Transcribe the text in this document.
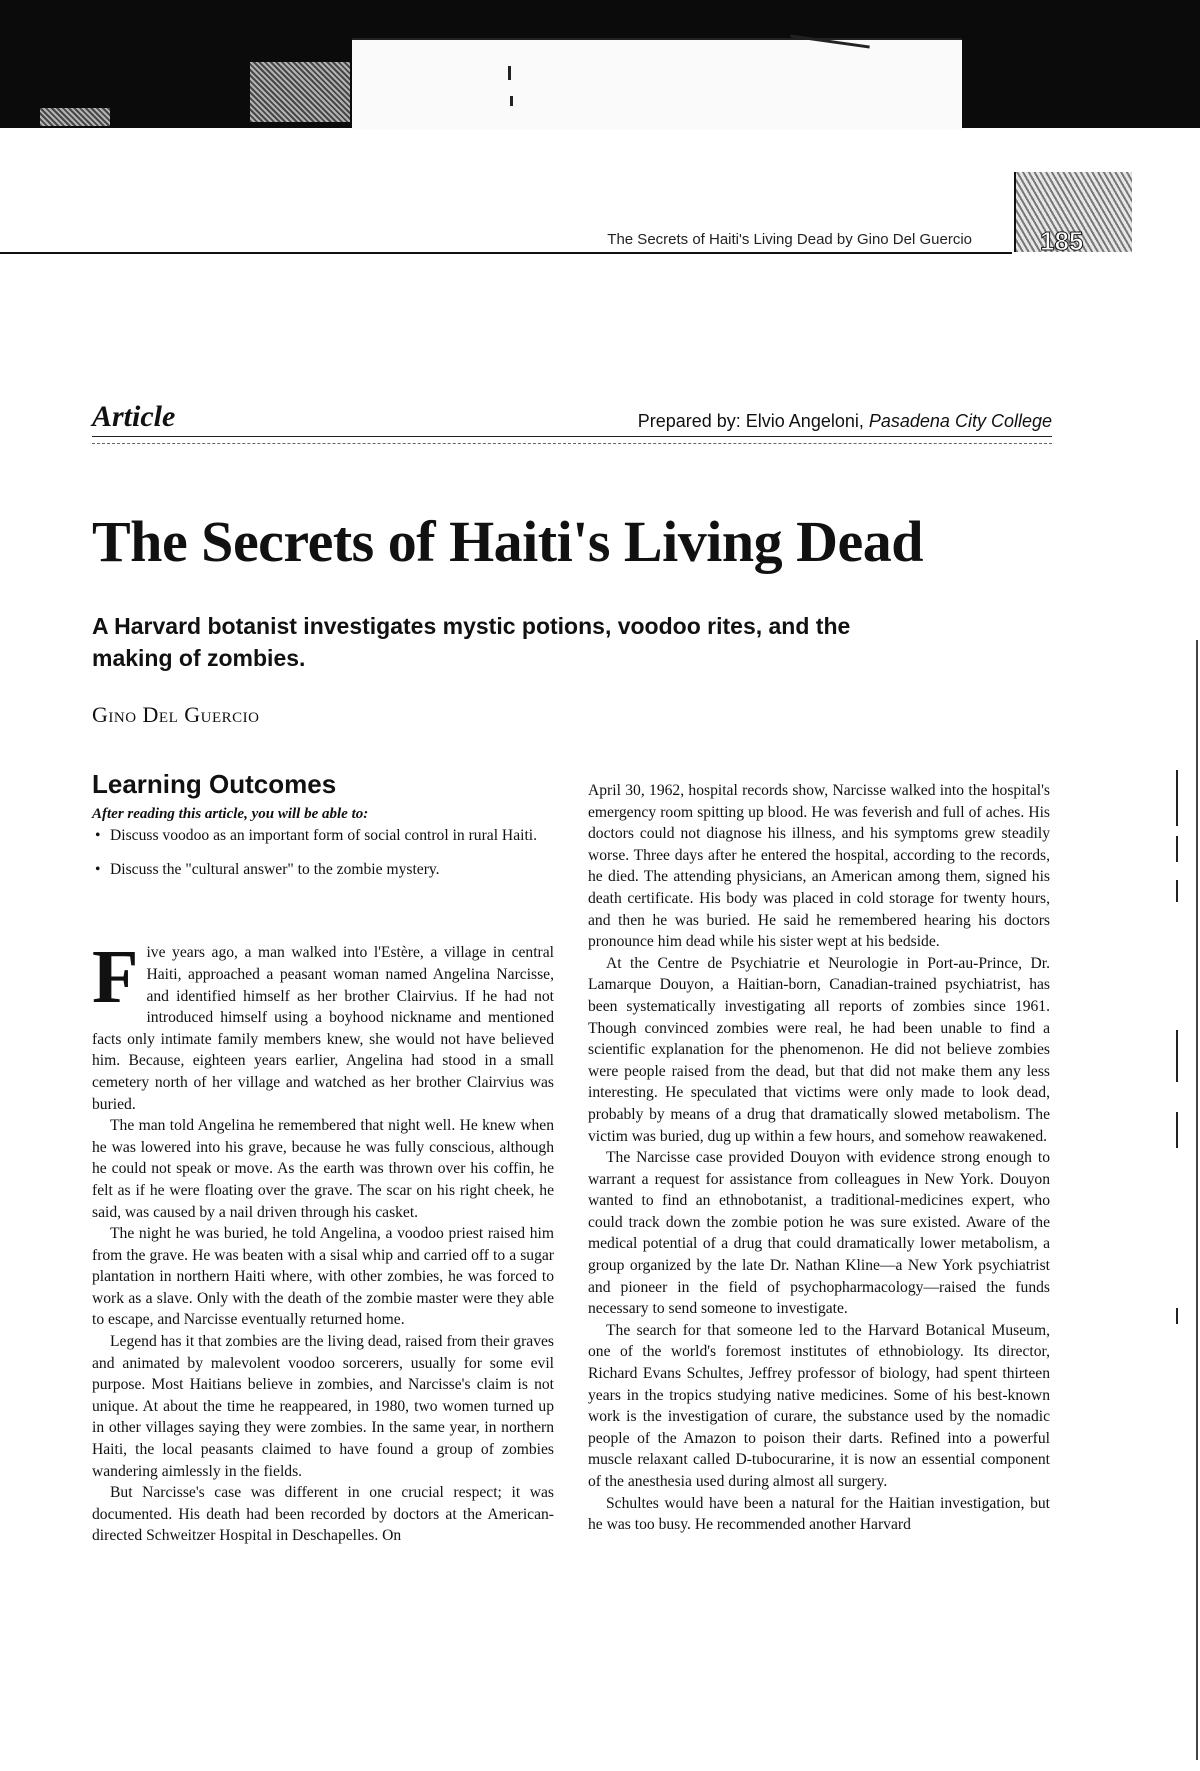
The Secrets of Haiti's Living Dead by Gino Del Guercio	185
Article	Prepared by: Elvio Angeloni, Pasadena City College
The Secrets of Haiti's Living Dead

A Harvard botanist investigates mystic potions, voodoo rites, and the making of zombies.

Gino Del Guercio

Learning Outcomes

After reading this article, you will be able to:

• Discuss voodoo as an important form of social control in rural Haiti.
• Discuss the "cultural answer" to the zombie mystery.

Five years ago, a man walked into l'Estère, a village in central Haiti, approached a peasant woman named Angelina Narcisse, and identified himself as her brother Clairvius. If he had not introduced himself using a boyhood nickname and mentioned facts only intimate family members knew, she would not have believed him. Because, eighteen years earlier, Angelina had stood in a small cemetery north of her village and watched as her brother Clairvius was buried.

The man told Angelina he remembered that night well. He knew when he was lowered into his grave, because he was fully conscious, although he could not speak or move. As the earth was thrown over his coffin, he felt as if he were floating over the grave. The scar on his right cheek, he said, was caused by a nail driven through his casket.

The night he was buried, he told Angelina, a voodoo priest raised him from the grave. He was beaten with a sisal whip and carried off to a sugar plantation in northern Haiti where, with other zombies, he was forced to work as a slave. Only with the death of the zombie master were they able to escape, and Narcisse eventually returned home.

Legend has it that zombies are the living dead, raised from their graves and animated by malevolent voodoo sorcerers, usually for some evil purpose. Most Haitians believe in zombies, and Narcisse's claim is not unique. At about the time he reappeared, in 1980, two women turned up in other villages saying they were zombies. In the same year, in northern Haiti, the local peasants claimed to have found a group of zombies wandering aimlessly in the fields.

But Narcisse's case was different in one crucial respect; it was documented. His death had been recorded by doctors at the American-directed Schweitzer Hospital in Deschapelles. On

April 30, 1962, hospital records show, Narcisse walked into the hospital's emergency room spitting up blood. He was feverish and full of aches. His doctors could not diagnose his illness, and his symptoms grew steadily worse. Three days after he entered the hospital, according to the records, he died. The attending physicians, an American among them, signed his death certificate. His body was placed in cold storage for twenty hours, and then he was buried. He said he remembered hearing his doctors pronounce him dead while his sister wept at his bedside.

At the Centre de Psychiatrie et Neurologie in Port-au-Prince, Dr. Lamarque Douyon, a Haitian-born, Canadian-trained psychiatrist, has been systematically investigating all reports of zombies since 1961. Though convinced zombies were real, he had been unable to find a scientific explanation for the phenomenon. He did not believe zombies were people raised from the dead, but that did not make them any less interesting. He speculated that victims were only made to look dead, probably by means of a drug that dramatically slowed metabolism. The victim was buried, dug up within a few hours, and somehow reawakened.

The Narcisse case provided Douyon with evidence strong enough to warrant a request for assistance from colleagues in New York. Douyon wanted to find an ethnobotanist, a traditional-medicines expert, who could track down the zombie potion he was sure existed. Aware of the medical potential of a drug that could dramatically lower metabolism, a group organized by the late Dr. Nathan Kline—a New York psychiatrist and pioneer in the field of psychopharmacology—raised the funds necessary to send someone to investigate.

The search for that someone led to the Harvard Botanical Museum, one of the world's foremost institutes of ethnobiology. Its director, Richard Evans Schultes, Jeffrey professor of biology, had spent thirteen years in the tropics studying native medicines. Some of his best-known work is the investigation of curare, the substance used by the nomadic people of the Amazon to poison their darts. Refined into a powerful muscle relaxant called D-tubocurarine, it is now an essential component of the anesthesia used during almost all surgery.

Schultes would have been a natural for the Haitian investigation, but he was too busy. He recommended another Harvard
